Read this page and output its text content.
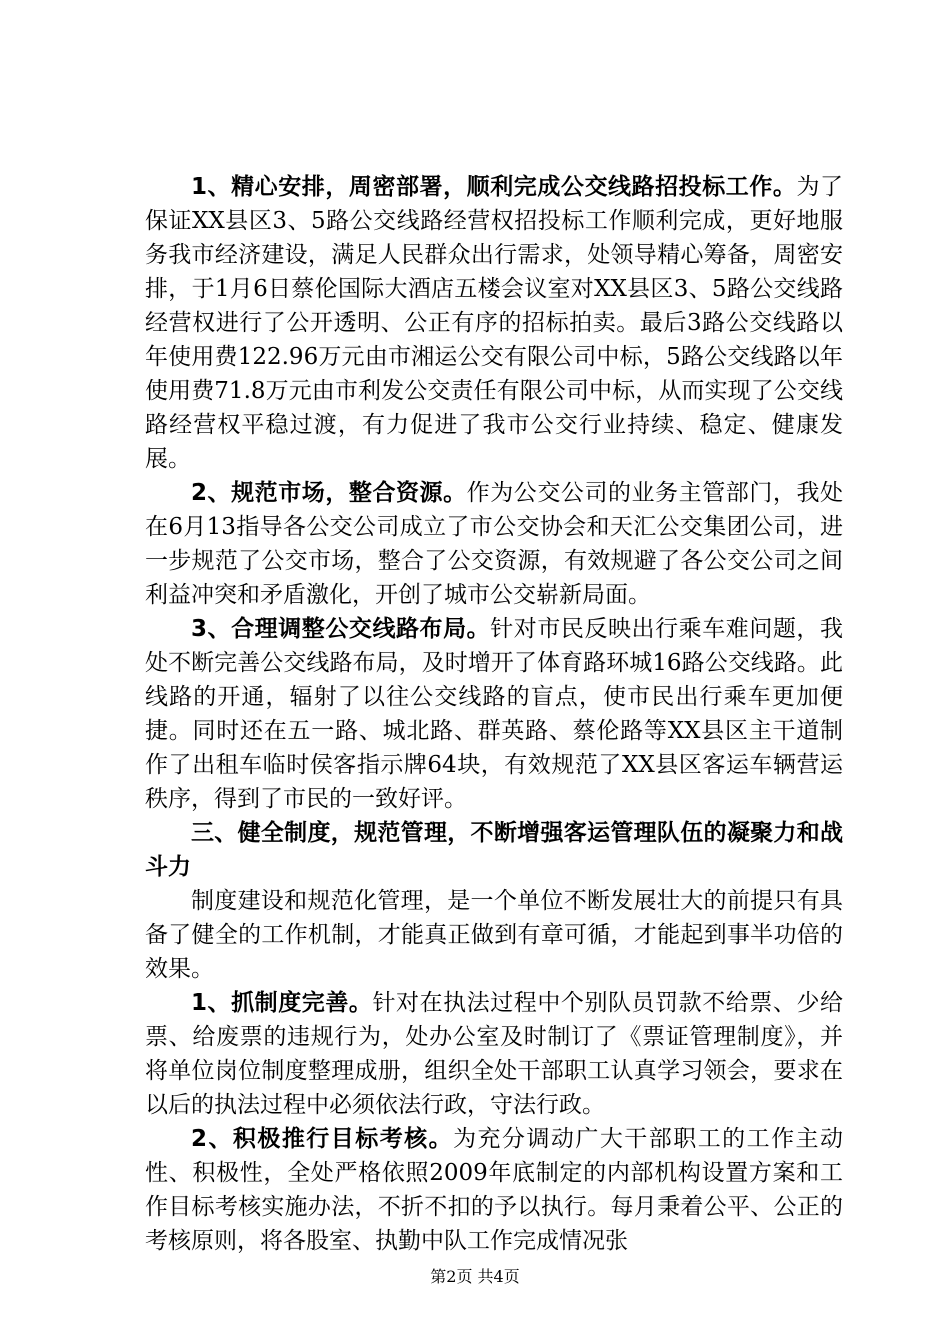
1、精心安排，周密部署，顺利完成公交线路招投标工作。为了保证XX县区3、5路公交线路经营权招投标工作顺利完成，更好地服务我市经济建设，满足人民群众出行需求，处领导精心筹备，周密安排，于1月6日蔡伦国际大酒店五楼会议室对XX县区3、5路公交线路经营权进行了公开透明、公正有序的招标拍卖。最后3路公交线路以年使用费122.96万元由市湘运公交有限公司中标，5路公交线路以年使用费71.8万元由市利发公交责任有限公司中标，从而实现了公交线路经营权平稳过渡，有力促进了我市公交行业持续、稳定、健康发展。

2、规范市场，整合资源。作为公交公司的业务主管部门，我处在6月13指导各公交公司成立了市公交协会和天汇公交集团公司，进一步规范了公交市场，整合了公交资源，有效规避了各公交公司之间利益冲突和矛盾激化，开创了城市公交崭新局面。

3、合理调整公交线路布局。针对市民反映出行乘车难问题，我处不断完善公交线路布局，及时增开了体育路环城16路公交线路。此线路的开通，辐射了以往公交线路的盲点，使市民出行乘车更加便捷。同时还在五一路、城北路、群英路、蔡伦路等XX县区主干道制作了出租车临时侯客指示牌64块，有效规范了XX县区客运车辆营运秩序，得到了市民的一致好评。

三、健全制度，规范管理，不断增强客运管理队伍的凝聚力和战斗力

制度建设和规范化管理，是一个单位不断发展壮大的前提只有具备了健全的工作机制，才能真正做到有章可循，才能起到事半功倍的效果。

1、抓制度完善。针对在执法过程中个别队员罚款不给票、少给票、给废票的违规行为，处办公室及时制订了《票证管理制度》，并将单位岗位制度整理成册，组织全处干部职工认真学习领会，要求在以后的执法过程中必须依法行政，守法行政。

2、积极推行目标考核。为充分调动广大干部职工的工作主动性、积极性，全处严格依照2009年底制定的内部机构设置方案和工作目标考核实施办法，不折不扣的予以执行。每月秉着公平、公正的考核原则，将各股室、执勤中队工作完成情况张

第2页 共4页
